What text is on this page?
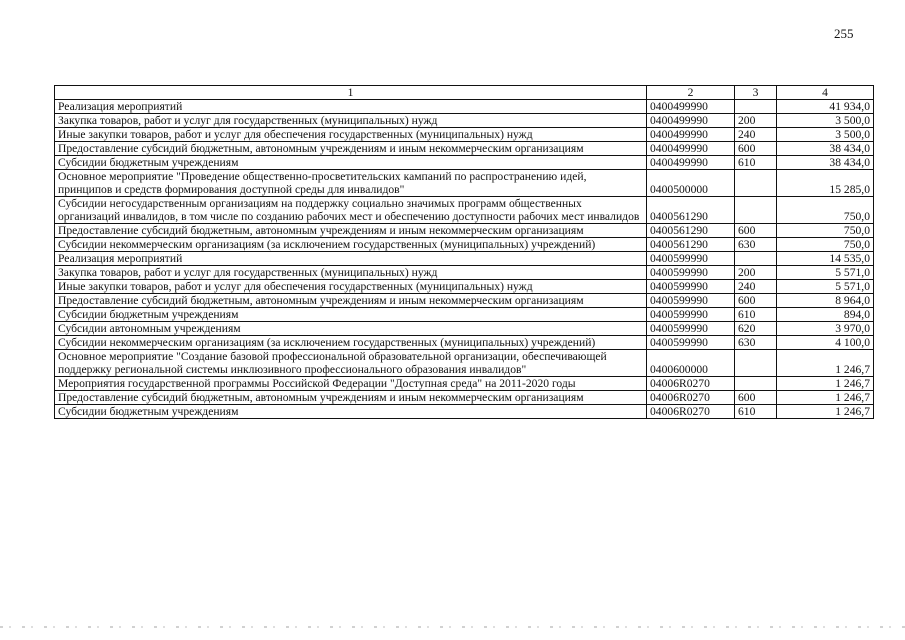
255
1	2	3	4
Реализация мероприятий	0400499990		41 934,0
Закупка товаров, работ и услуг для государственных (муниципальных) нужд	0400499990	200	3 500,0
Иные закупки товаров, работ и услуг для обеспечения государственных (муниципальных) нужд	0400499990	240	3 500,0
Предоставление субсидий бюджетным, автономным учреждениям и иным некоммерческим организациям	0400499990	600	38 434,0
Субсидии бюджетным учреждениям	0400499990	610	38 434,0
Основное мероприятие "Проведение общественно-просветительских кампаний по распространению идей, принципов и средств формирования доступной среды для инвалидов"	0400500000		15 285,0
Субсидии негосударственным организациям на поддержку социально значимых программ общественных организаций инвалидов, в том числе по созданию рабочих мест и обеспечению доступности рабочих мест инвалидов	0400561290		750,0
Предоставление субсидий бюджетным, автономным учреждениям и иным некоммерческим организациям	0400561290	600	750,0
Субсидии некоммерческим организациям (за исключением государственных (муниципальных) учреждений)	0400561290	630	750,0
Реализация мероприятий	0400599990		14 535,0
Закупка товаров, работ и услуг для государственных (муниципальных) нужд	0400599990	200	5 571,0
Иные закупки товаров, работ и услуг для обеспечения государственных (муниципальных) нужд	0400599990	240	5 571,0
Предоставление субсидий бюджетным, автономным учреждениям и иным некоммерческим организациям	0400599990	600	8 964,0
Субсидии бюджетным учреждениям	0400599990	610	894,0
Субсидии автономным учреждениям	0400599990	620	3 970,0
Субсидии некоммерческим организациям (за исключением государственных (муниципальных) учреждений)	0400599990	630	4 100,0
Основное мероприятие "Создание базовой профессиональной образовательной организации, обеспечивающей поддержку региональной системы инклюзивного профессионального образования инвалидов"	0400600000		1 246,7
Мероприятия государственной программы Российской Федерации "Доступная среда" на 2011-2020 годы	04006R0270		1 246,7
Предоставление субсидий бюджетным, автономным учреждениям и иным некоммерческим организациям	04006R0270	600	1 246,7
Субсидии бюджетным учреждениям	04006R0270	610	1 246,7
